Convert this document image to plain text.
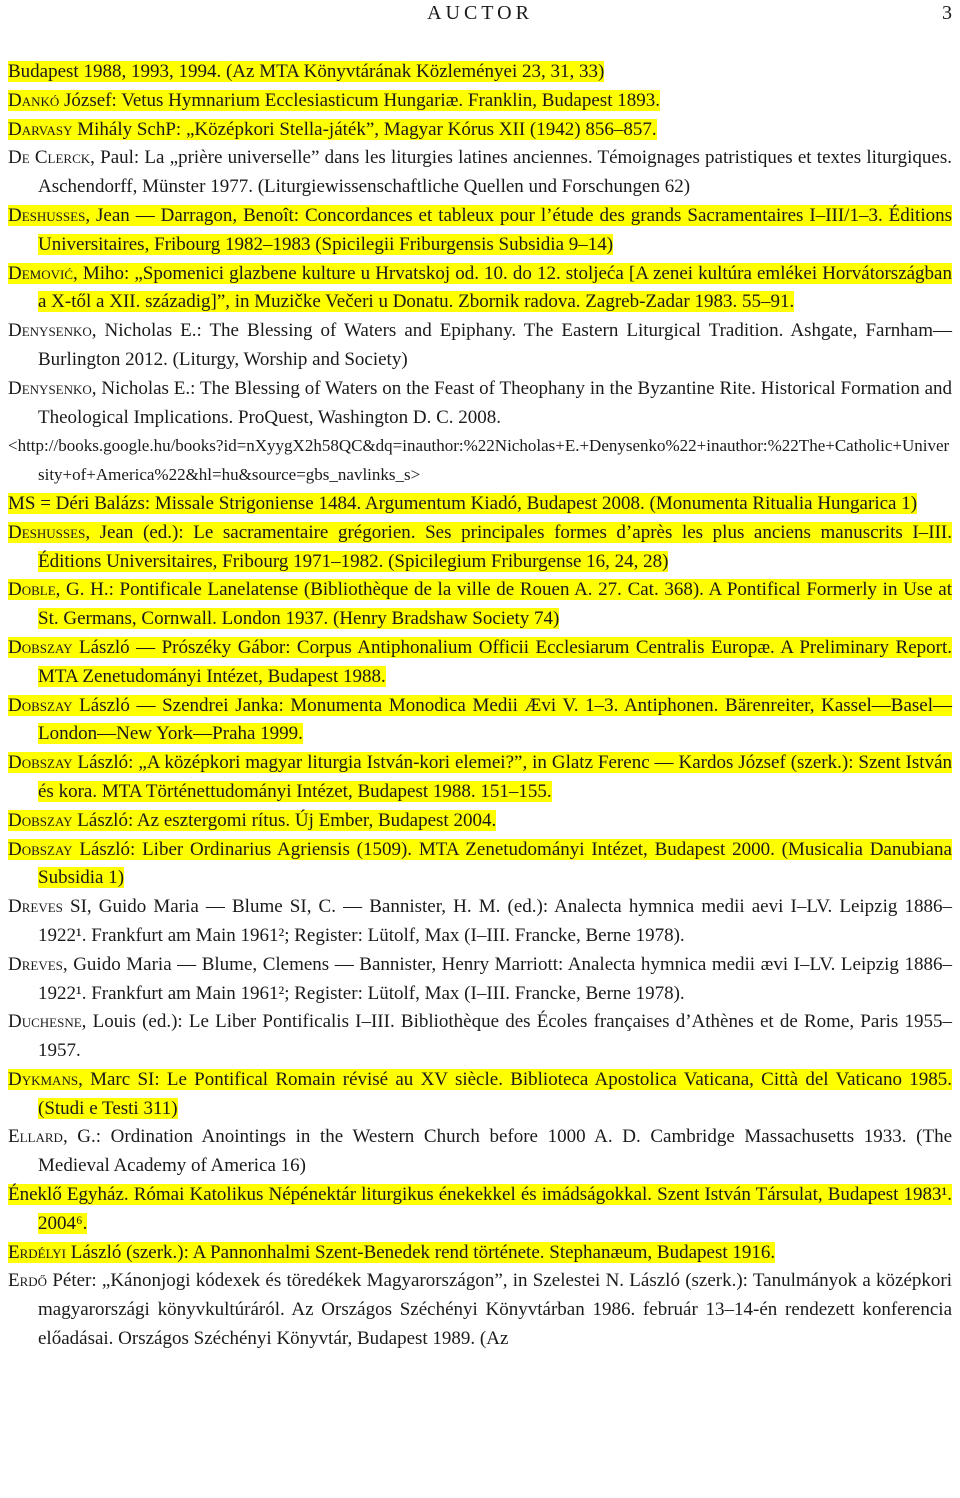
AUCTOR	3
Budapest 1988, 1993, 1994. (Az MTA Könyvtárának Közleményei 23, 31, 33)
Dankó József: Vetus Hymnarium Ecclesiasticum Hungariæ. Franklin, Budapest 1893.
Darvasy Mihály SchP: „Középkori Stella-játék”, Magyar Kórus XII (1942) 856–857.
De Clerck, Paul: La „prière universelle” dans les liturgies latines anciennes. Témoignages patristiques et textes liturgiques. Aschendorff, Münster 1977. (Liturgiewissenschaftliche Quellen und Forschungen 62)
Deshusses, Jean — Darragon, Benoît: Concordances et tableux pour l’étude des grands Sacramentaires I–III/1–3. Éditions Universitaires, Fribourg 1982–1983 (Spicilegii Friburgensis Subsidia 9–14)
Demović, Miho: „Spomenici glazbene kulture u Hrvatskoj od. 10. do 12. stoljeća [A zenei kultúra emlékei Horvátországban a X-től a XII. századig]”, in Muzičke Večeri u Donatu. Zbornik radova. Zagreb-Zadar 1983. 55–91.
Denysenko, Nicholas E.: The Blessing of Waters and Epiphany. The Eastern Liturgical Tradition. Ashgate, Farnham—Burlington 2012. (Liturgy, Worship and Society)
Denysenko, Nicholas E.: The Blessing of Waters on the Feast of Theophany in the Byzantine Rite. Historical Formation and Theological Implications. ProQuest, Washington D. C. 2008.
<http://books.google.hu/books?id=nXyygX2h58QC&dq=inauthor:%22Nicholas+E.+Denysenko%22+inauthor:%22The+Catholic+University+of+America%22&hl=hu&source=gbs_navlinks_s>
MS = Déri Balázs: Missale Strigoniense 1484. Argumentum Kiadó, Budapest 2008. (Monumenta Ritualia Hungarica 1)
Deshusses, Jean (ed.): Le sacramentaire grégorien. Ses principales formes d’après les plus anciens manuscrits I–III. Éditions Universitaires, Fribourg 1971–1982. (Spicilegium Friburgense 16, 24, 28)
Doble, G. H.: Pontificale Lanelatense (Bibliothèque de la ville de Rouen A. 27. Cat. 368). A Pontifical Formerly in Use at St. Germans, Cornwall. London 1937. (Henry Bradshaw Society 74)
Dobszay László — Prószéky Gábor: Corpus Antiphonalium Officii Ecclesiarum Centralis Europæ. A Preliminary Report. MTA Zenetudományi Intézet, Budapest 1988.
Dobszay László — Szendrei Janka: Monumenta Monodica Medii Ævi V. 1–3. Antiphonen. Bärenreiter, Kassel—Basel—London—New York—Praha 1999.
Dobszay László: „A középkori magyar liturgia István-kori elemei?”, in Glatz Ferenc — Kardos József (szerk.): Szent István és kora. MTA Történettudományi Intézet, Budapest 1988. 151–155.
Dobszay László: Az esztergomi rítus. Új Ember, Budapest 2004.
Dobszay László: Liber Ordinarius Agriensis (1509). MTA Zenetudományi Intézet, Budapest 2000. (Musicalia Danubiana Subsidia 1)
Dreves SI, Guido Maria — Blume SI, C. — Bannister, H. M. (ed.): Analecta hymnica medii aevi I–LV. Leipzig 1886–1922¹. Frankfurt am Main 1961²; Register: Lütolf, Max (I–III. Francke, Berne 1978).
Dreves, Guido Maria — Blume, Clemens — Bannister, Henry Marriott: Analecta hymnica medii ævi I–LV. Leipzig 1886–1922¹. Frankfurt am Main 1961²; Register: Lütolf, Max (I–III. Francke, Berne 1978).
Duchesne, Louis (ed.): Le Liber Pontificalis I–III. Bibliothèque des Écoles françaises d’Athènes et de Rome, Paris 1955–1957.
Dykmans, Marc SI: Le Pontifical Romain révisé au XV siècle. Biblioteca Apostolica Vaticana, Città del Vaticano 1985. (Studi e Testi 311)
Ellard, G.: Ordination Anointings in the Western Church before 1000 A. D. Cambridge Massachusetts 1933. (The Medieval Academy of America 16)
Éneklő Egyház. Római Katolikus Népénektár liturgikus énekekkel és imádságokkal. Szent István Társulat, Budapest 1983¹. 2004⁶.
Erdélyi László (szerk.): A Pannonhalmi Szent-Benedek rend története. Stephanæum, Budapest 1916.
Erdő Péter: „Kánonjogi kódexek és töredékek Magyarországon”, in Szelestei N. László (szerk.): Tanulmányok a középkori magyarországi könyvkultúráról. Az Országos Széchényi Könyvtárban 1986. február 13–14-én rendezett konferencia előadásai. Országos Széchényi Könyvtár, Budapest 1989. (Az
